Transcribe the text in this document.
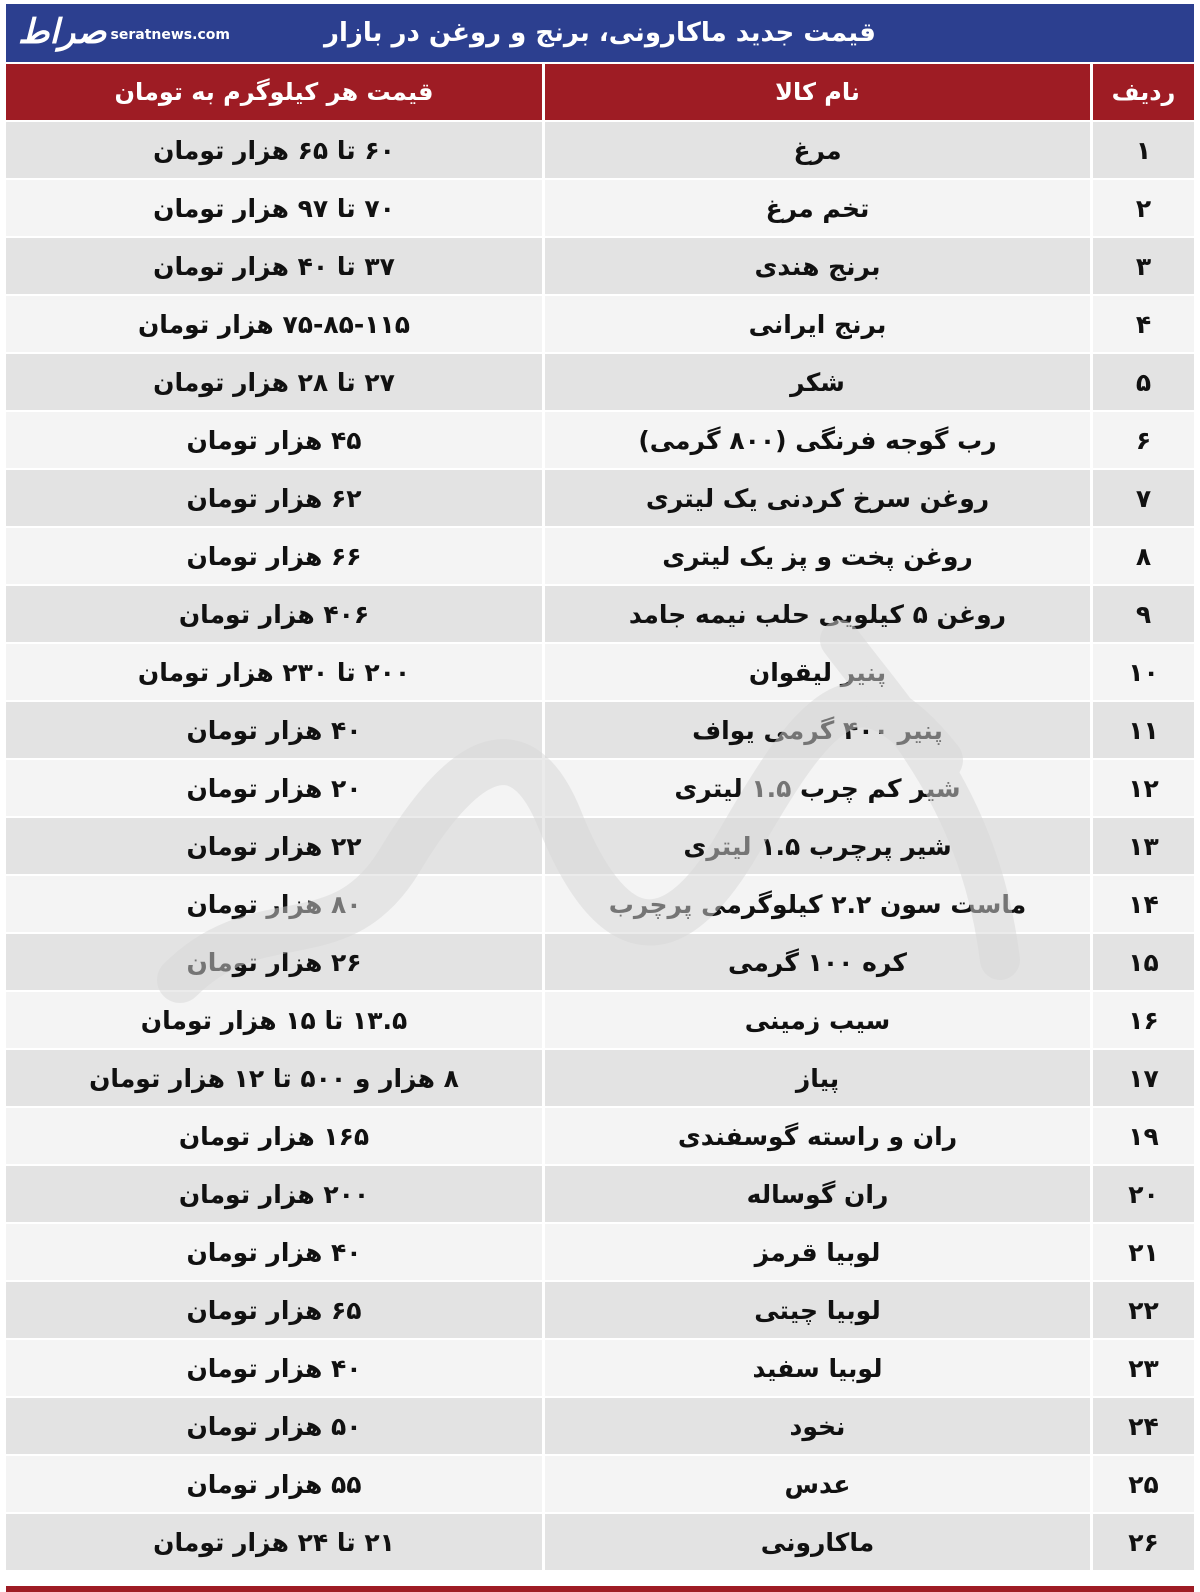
صراط seratnews.com	قیمت جدید ماکارونی، برنج و روغن در بازار
ردیف	نام کالا	قیمت هر کیلوگرم به تومان
۱	مرغ	۶۰ تا ۶۵ هزار تومان
۲	تخم مرغ	۷۰ تا ۹۷ هزار تومان
۳	برنج هندی	۳۷ تا ۴۰ هزار تومان
۴	برنج ایرانی	۷۵-۸۵-۱۱۵ هزار تومان
۵	شکر	۲۷ تا ۲۸ هزار تومان
۶	رب گوجه فرنگی (۸۰۰ گرمی)	۴۵ هزار تومان
۷	روغن سرخ کردنی یک لیتری	۶۲ هزار تومان
۸	روغن پخت و پز یک لیتری	۶۶ هزار تومان
۹	روغن ۵ کیلویی حلب نیمه جامد	۴۰۶ هزار تومان
۱۰	پنیر لیقوان	۲۰۰ تا ۲۳۰ هزار تومان
۱۱	پنیر ۴۰۰ گرمی یواف	۴۰ هزار تومان
۱۲	شیر کم چرب ۱.۵ لیتری	۲۰ هزار تومان
۱۳	شیر پرچرب ۱.۵ لیتری	۲۲ هزار تومان
۱۴	ماست سون ۲.۲ کیلوگرمی پرچرب	۸۰ هزار تومان
۱۵	کره ۱۰۰ گرمی	۲۶ هزار تومان
۱۶	سیب زمینی	۱۳.۵ تا ۱۵ هزار تومان
۱۷	پیاز	۸ هزار و ۵۰۰ تا ۱۲ هزار تومان
۱۹	ران و راسته گوسفندی	۱۶۵ هزار تومان
۲۰	ران گوساله	۲۰۰ هزار تومان
۲۱	لوبیا قرمز	۴۰ هزار تومان
۲۲	لوبیا چیتی	۶۵ هزار تومان
۲۳	لوبیا سفید	۴۰ هزار تومان
۲۴	نخود	۵۰ هزار تومان
۲۵	عدس	۵۵ هزار تومان
۲۶	ماکارونی	۲۱ تا ۲۴ هزار تومان
